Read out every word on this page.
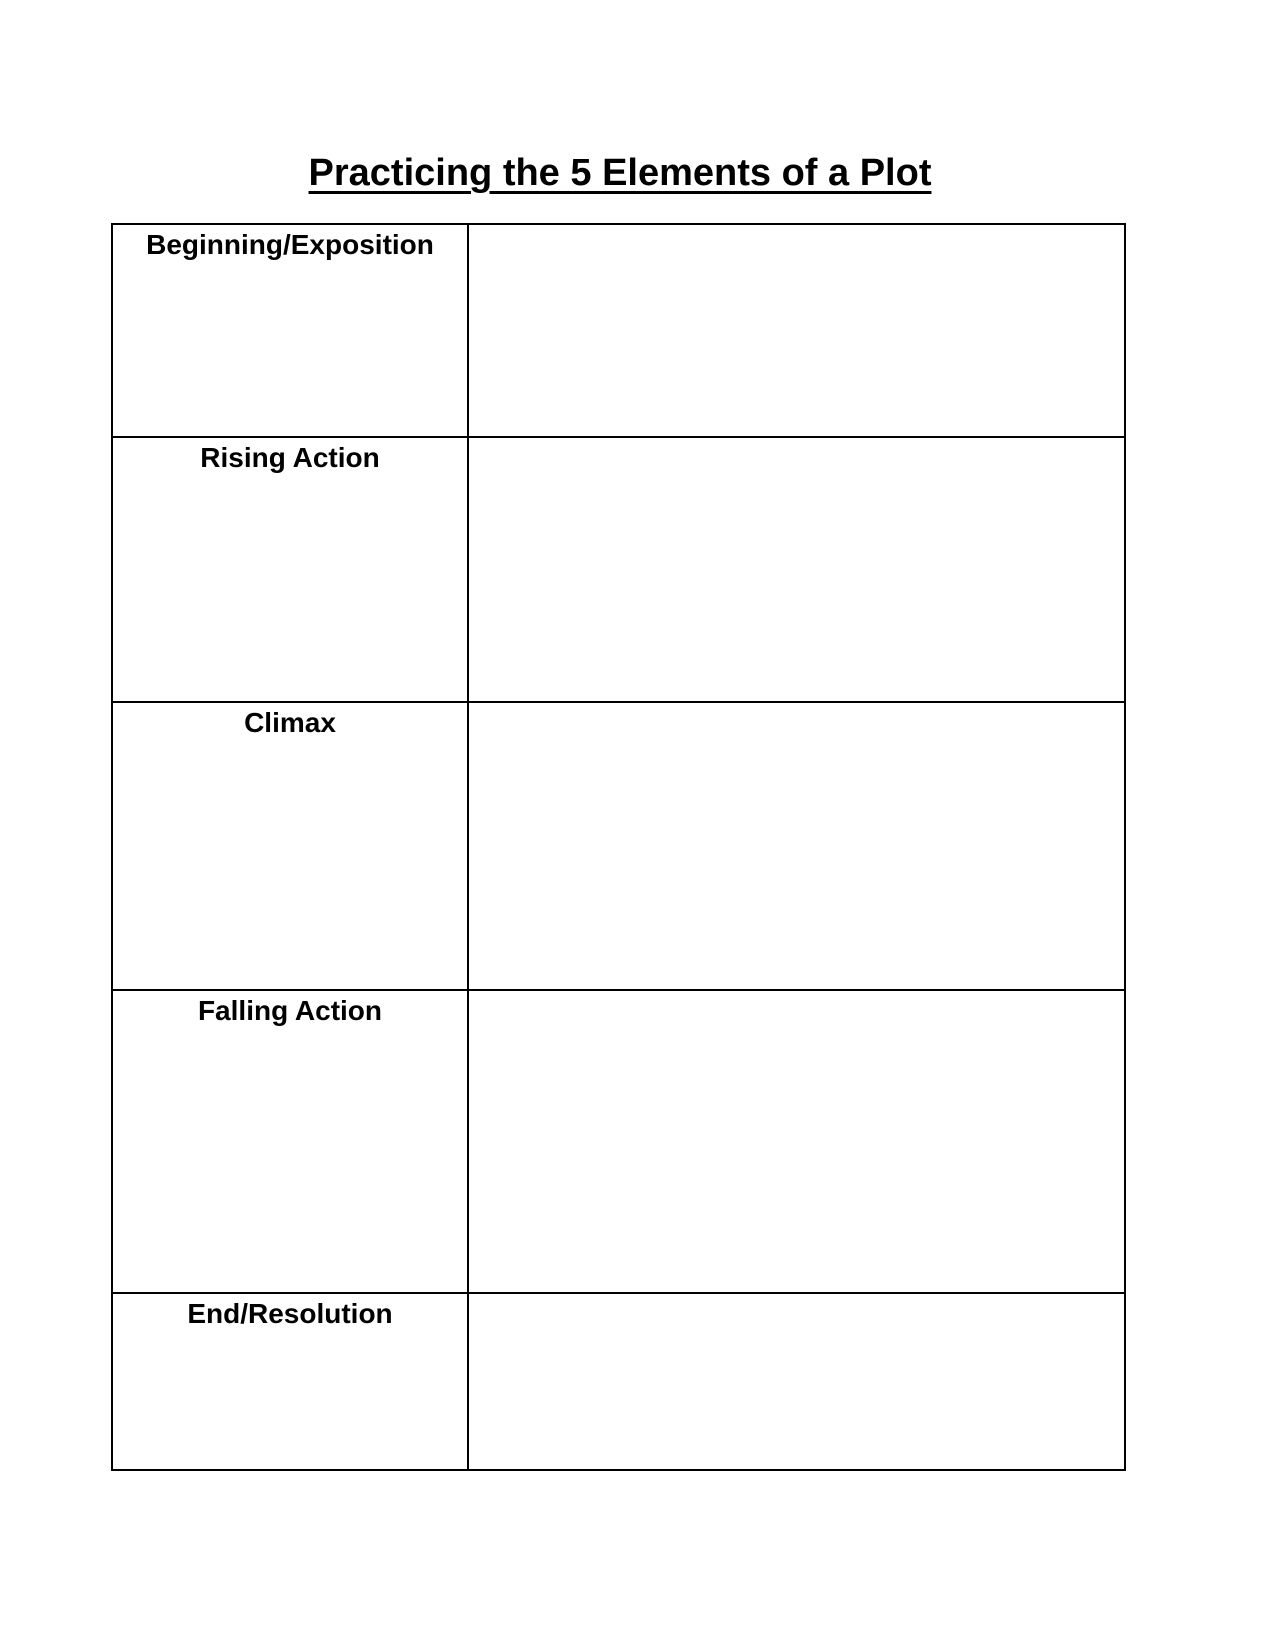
Practicing the 5 Elements of a Plot
Beginning/Exposition	

Rising Action	

Climax	

Falling Action	

End/Resolution	
